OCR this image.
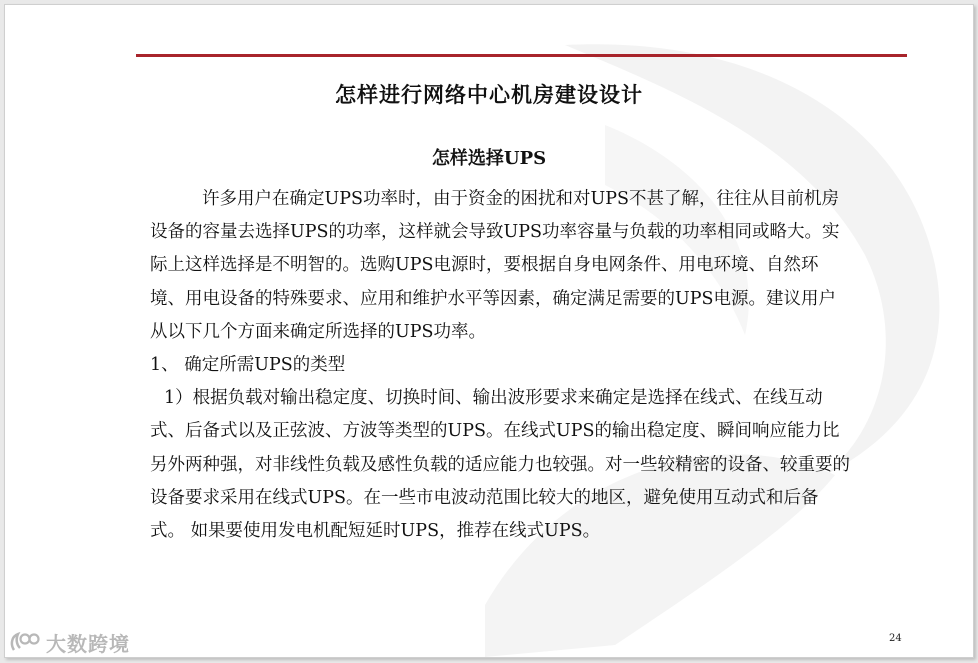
怎样进行网络中心机房建设设计
怎样选择UPS

许多用户在确定UPS功率时，由于资金的困扰和对UPS不甚了解，往往从目前机房设备的容量去选择UPS的功率，这样就会导致UPS功率容量与负载的功率相同或略大。实际上这样选择是不明智的。选购UPS电源时，要根据自身电网条件、用电环境、自然环境、用电设备的特殊要求、应用和维护水平等因素，确定满足需要的UPS电源。建议用户从以下几个方面来确定所选择的UPS功率。

1、 确定所需UPS的类型

1）根据负载对输出稳定度、切换时间、输出波形要求来确定是选择在线式、在线互动式、后备式以及正弦波、方波等类型的UPS。在线式UPS的输出稳定度、瞬间响应能力比另外两种强，对非线性负载及感性负载的适应能力也较强。对一些较精密的设备、较重要的设备要求采用在线式UPS。在一些市电波动范围比较大的地区，避免使用互动式和后备式。 如果要使用发电机配短延时UPS，推荐在线式UPS。

24
大数跨境
